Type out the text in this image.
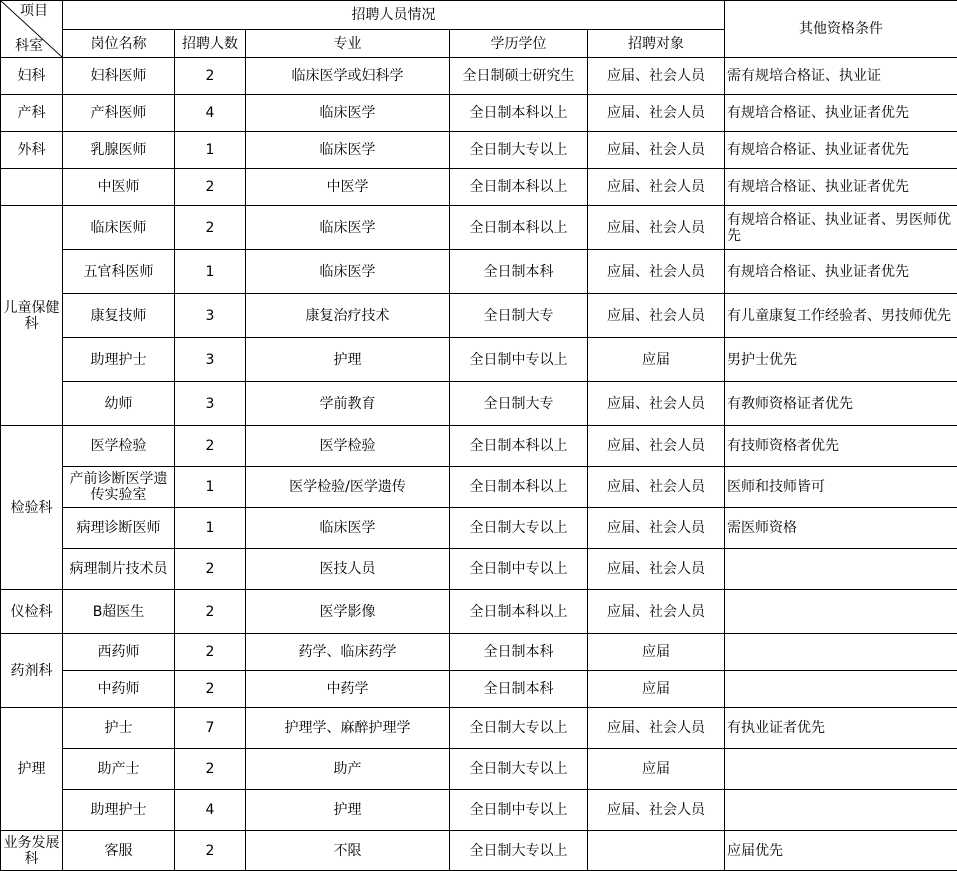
项目
科室	招聘人员情况					其他资格条件
	岗位名称	招聘人数	专业	学历学位	招聘对象	
妇科	妇科医师	2	临床医学或妇科学	全日制硕士研究生	应届、社会人员	需有规培合格证、执业证
产科	产科医师	4	临床医学	全日制本科以上	应届、社会人员	有规培合格证、执业证者优先
外科	乳腺医师	1	临床医学	全日制大专以上	应届、社会人员	有规培合格证、执业证者优先
	中医师	2	中医学	全日制本科以上	应届、社会人员	有规培合格证、执业证者优先
儿童保健科	临床医师	2	临床医学	全日制本科以上	应届、社会人员	有规培合格证、执业证者、男医师优先
	五官科医师	1	临床医学	全日制本科	应届、社会人员	有规培合格证、执业证者优先
	康复技师	3	康复治疗技术	全日制大专	应届、社会人员	有儿童康复工作经验者、男技师优先
	助理护士	3	护理	全日制中专以上	应届	男护士优先
	幼师	3	学前教育	全日制大专	应届、社会人员	有教师资格证者优先
检验科	医学检验	2	医学检验	全日制本科以上	应届、社会人员	有技师资格者优先
	产前诊断医学遗传实验室	1	医学检验/医学遗传	全日制本科以上	应届、社会人员	医师和技师皆可
	病理诊断医师	1	临床医学	全日制大专以上	应届、社会人员	需医师资格
	病理制片技术员	2	医技人员	全日制中专以上	应届、社会人员	
仪检科	B超医生	2	医学影像	全日制本科以上	应届、社会人员	
药剂科	西药师	2	药学、临床药学	全日制本科	应届	
	中药师	2	中药学	全日制本科	应届	
护理	护士	7	护理学、麻醉护理学	全日制大专以上	应届、社会人员	有执业证者优先
	助产士	2	助产	全日制大专以上	应届	
	助理护士	4	护理	全日制中专以上	应届、社会人员	
业务发展科	客服	2	不限	全日制大专以上		应届优先
